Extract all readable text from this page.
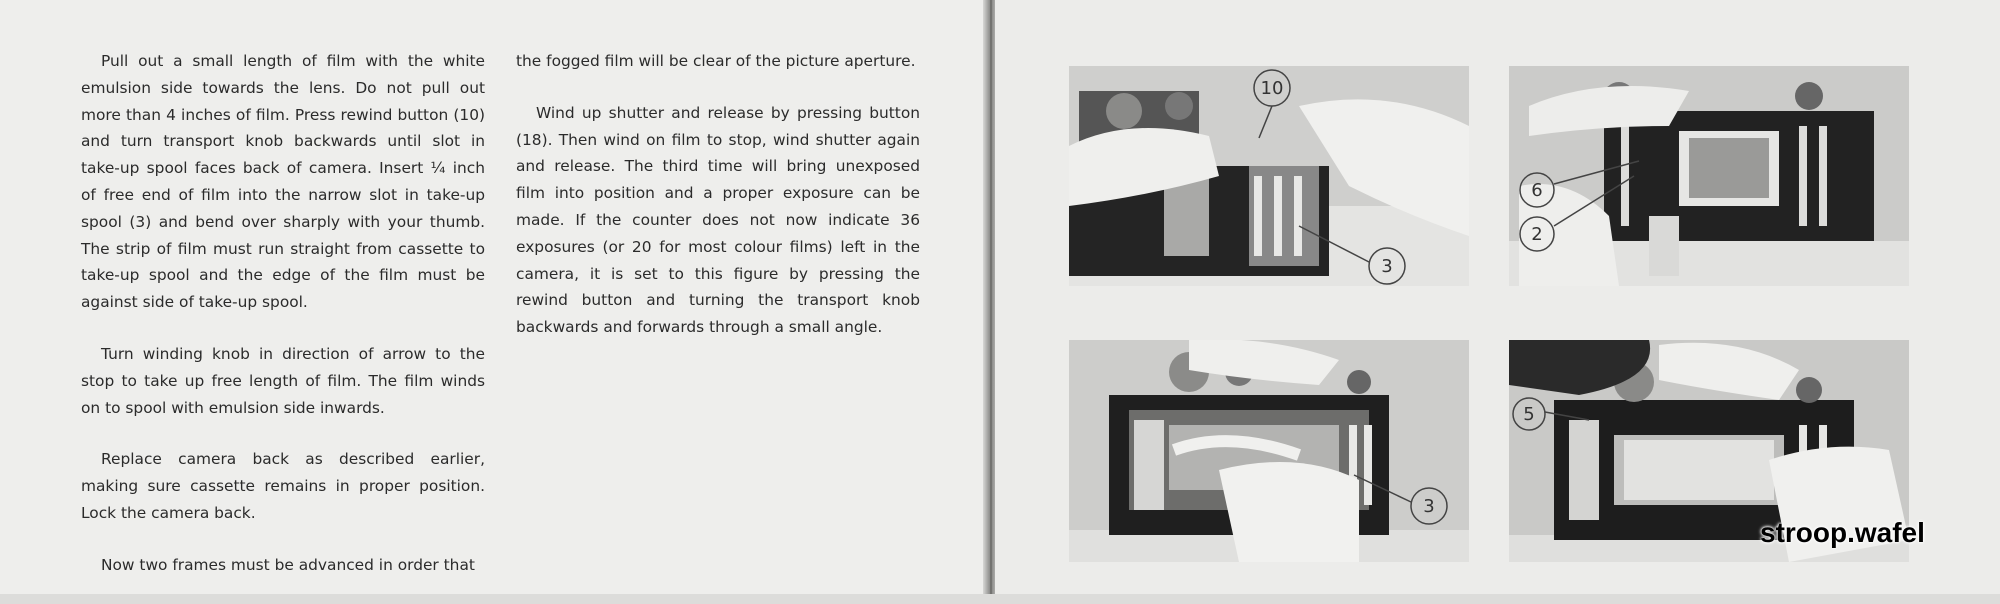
Pull out a small length of film with the white emulsion side towards the lens. Do not pull out more than 4 inches of film. Press rewind button (10) and turn transport knob backwards until slot in take-up spool faces back of camera. Insert ¼ inch of free end of film into the narrow slot in take-up spool (3) and bend over sharply with your thumb. The strip of film must run straight from cassette to take-up spool and the edge of the film must be against side of take-up spool.

Turn winding knob in direction of arrow to the stop to take up free length of film. The film winds on to spool with emulsion side inwards.

Replace camera back as described earlier, making sure cassette remains in proper position. Lock the camera back.

Now two frames must be advanced in order that

the fogged film will be clear of the picture aperture.

Wind up shutter and release by pressing button (18). Then wind on film to stop, wind shutter again and release. The third time will bring unexposed film into position and a proper exposure can be made. If the counter does not now indicate 36 exposures (or 20 for most colour films) left in the camera, it is set to this figure by pressing the rewind button and turning the transport knob backwards and forwards through a small angle.

10
3
6
2
3
5
stroop.wafel
